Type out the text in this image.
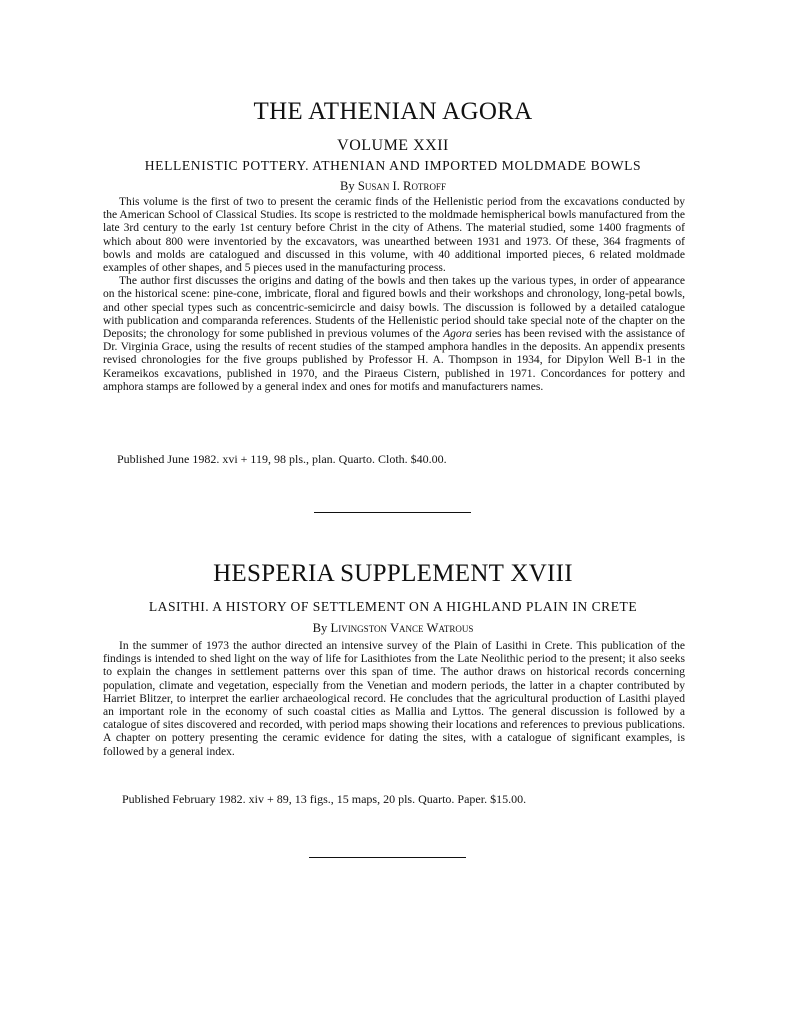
THE ATHENIAN AGORA
VOLUME XXII
HELLENISTIC POTTERY. ATHENIAN AND IMPORTED MOLDMADE BOWLS
By Susan I. Rotroff

This volume is the first of two to present the ceramic finds of the Hellenistic period from the excavations conducted by the American School of Classical Studies. Its scope is restricted to the moldmade hemispherical bowls manufactured from the late 3rd century to the early 1st century before Christ in the city of Athens. The material studied, some 1400 fragments of which about 800 were inventoried by the excavators, was unearthed between 1931 and 1973. Of these, 364 fragments of bowls and molds are catalogued and discussed in this volume, with 40 additional imported pieces, 6 related moldmade examples of other shapes, and 5 pieces used in the manufacturing process.

The author first discusses the origins and dating of the bowls and then takes up the various types, in order of appearance on the historical scene: pine-cone, imbricate, floral and figured bowls and their workshops and chronology, long-petal bowls, and other special types such as concentric-semicircle and daisy bowls. The discussion is followed by a detailed catalogue with publication and comparanda references. Students of the Hellenistic period should take special note of the chapter on the Deposits; the chronology for some published in previous volumes of the Agora series has been revised with the assistance of Dr. Virginia Grace, using the results of recent studies of the stamped amphora handles in the deposits. An appendix presents revised chronologies for the five groups published by Professor H. A. Thompson in 1934, for Dipylon Well B-1 in the Kerameikos excavations, published in 1970, and the Piraeus Cistern, published in 1971. Concordances for pottery and amphora stamps are followed by a general index and ones for motifs and manufacturers names.

Published June 1982. xvi + 119, 98 pls., plan. Quarto. Cloth. $40.00.
HESPERIA SUPPLEMENT XVIII
LASITHI. A HISTORY OF SETTLEMENT ON A HIGHLAND PLAIN IN CRETE
By Livingston Vance Watrous

In the summer of 1973 the author directed an intensive survey of the Plain of Lasithi in Crete. This publication of the findings is intended to shed light on the way of life for Lasithiotes from the Late Neolithic period to the present; it also seeks to explain the changes in settlement patterns over this span of time. The author draws on historical records concerning population, climate and vegetation, especially from the Venetian and modern periods, the latter in a chapter contributed by Harriet Blitzer, to interpret the earlier archaeological record. He concludes that the agricultural production of Lasithi played an important role in the economy of such coastal cities as Mallia and Lyttos. The general discussion is followed by a catalogue of sites discovered and recorded, with period maps showing their locations and references to previous publications. A chapter on pottery presenting the ceramic evidence for dating the sites, with a catalogue of significant examples, is followed by a general index.

Published February 1982. xiv + 89, 13 figs., 15 maps, 20 pls. Quarto. Paper. $15.00.
